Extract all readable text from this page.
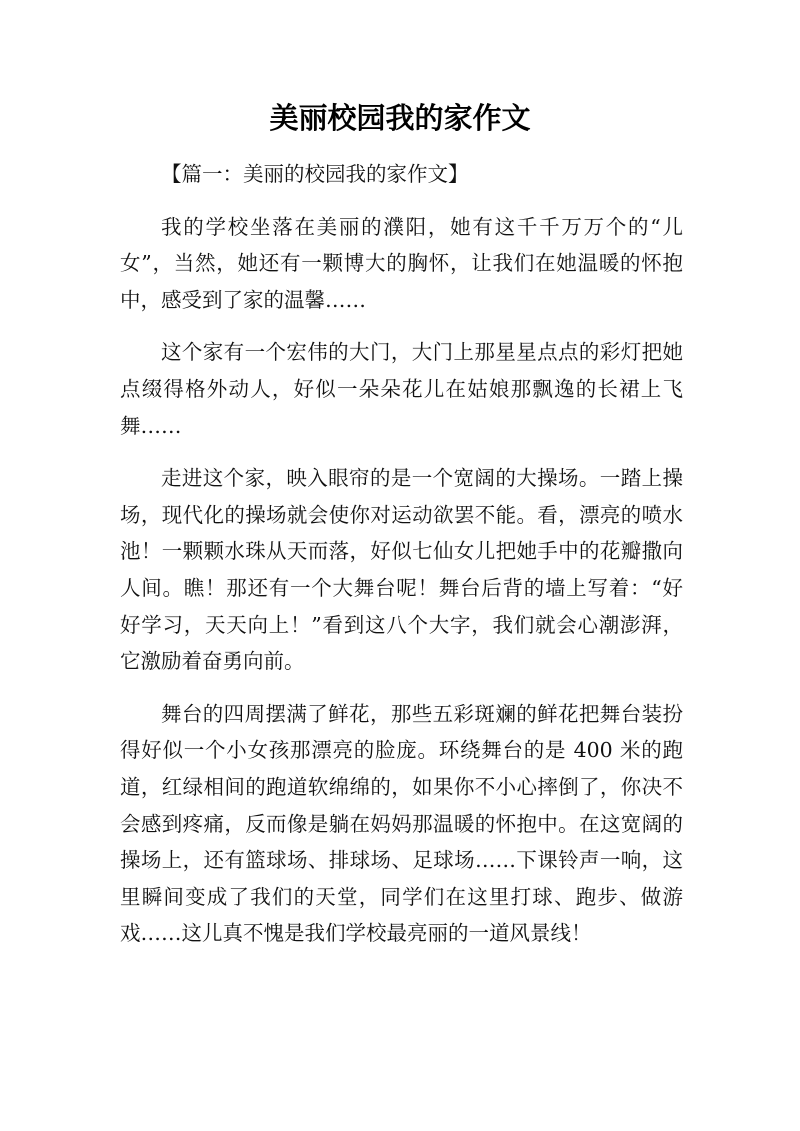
美丽校园我的家作文

【篇一：美丽的校园我的家作文】

我的学校坐落在美丽的濮阳，她有这千千万万个的“儿女”，当然，她还有一颗博大的胸怀，让我们在她温暖的怀抱中，感受到了家的温馨……

这个家有一个宏伟的大门，大门上那星星点点的彩灯把她点缀得格外动人，好似一朵朵花儿在姑娘那飘逸的长裙上飞舞……

走进这个家，映入眼帘的是一个宽阔的大操场。一踏上操场，现代化的操场就会使你对运动欲罢不能。看，漂亮的喷水池！一颗颗水珠从天而落，好似七仙女儿把她手中的花瓣撒向人间。瞧！那还有一个大舞台呢！舞台后背的墙上写着：“好好学习，天天向上！”看到这八个大字，我们就会心潮澎湃，它激励着奋勇向前。

舞台的四周摆满了鲜花，那些五彩斑斓的鲜花把舞台装扮得好似一个小女孩那漂亮的脸庞。环绕舞台的是 400 米的跑道，红绿相间的跑道软绵绵的，如果你不小心摔倒了，你决不会感到疼痛，反而像是躺在妈妈那温暖的怀抱中。在这宽阔的操场上，还有篮球场、排球场、足球场……下课铃声一响，这里瞬间变成了我们的天堂，同学们在这里打球、跑步、做游戏……这儿真不愧是我们学校最亮丽的一道风景线！
